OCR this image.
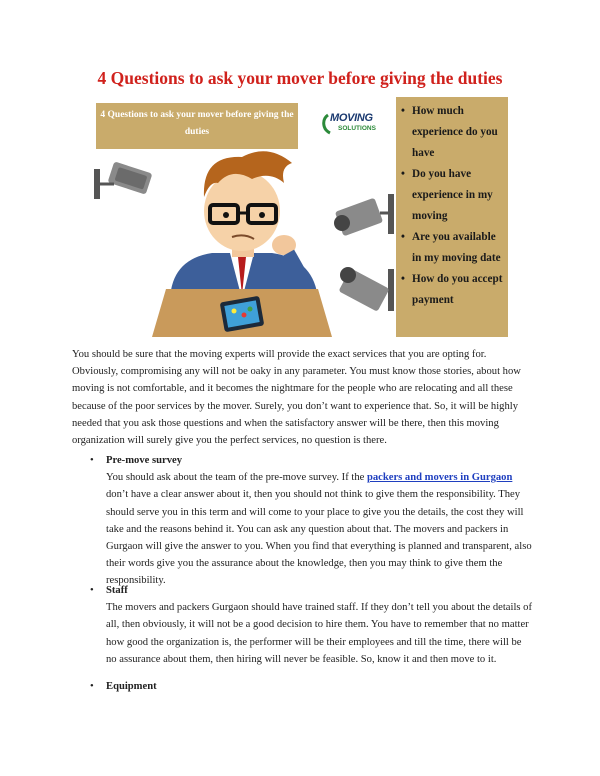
4 Questions to ask your mover before giving the duties
4 Questions to ask your mover before giving the duties
MOVING
SOLUTIONS
• How much experience do you have
• Do you have experience in my moving
• Are you available in my moving date
• How do you accept payment
You should be sure that the moving experts will provide the exact services that you are opting for. Obviously, compromising any will not be oaky in any parameter. You must know those stories, about how moving is not comfortable, and it becomes the nightmare for the people who are relocating and all these because of the poor services by the mover. Surely, you don’t want to experience that. So, it will be highly needed that you ask those questions and when the satisfactory answer will be there, then this moving organization will surely give you the perfect services, no question is there.
• Pre-move survey
You should ask about the team of the pre-move survey. If the packers and movers in Gurgaon don’t have a clear answer about it, then you should not think to give them the responsibility. They should serve you in this term and will come to your place to give you the details, the cost they will take and the reasons behind it. You can ask any question about that. The movers and packers in Gurgaon will give the answer to you. When you find that everything is planned and transparent, also their words give you the assurance about the knowledge, then you may think to give them the responsibility.
• Staff
The movers and packers Gurgaon should have trained staff. If they don’t tell you about the details of all, then obviously, it will not be a good decision to hire them. You have to remember that no matter how good the organization is, the performer will be their employees and till the time, there will be no assurance about them, then hiring will never be feasible. So, know it and then move to it.
• Equipment
